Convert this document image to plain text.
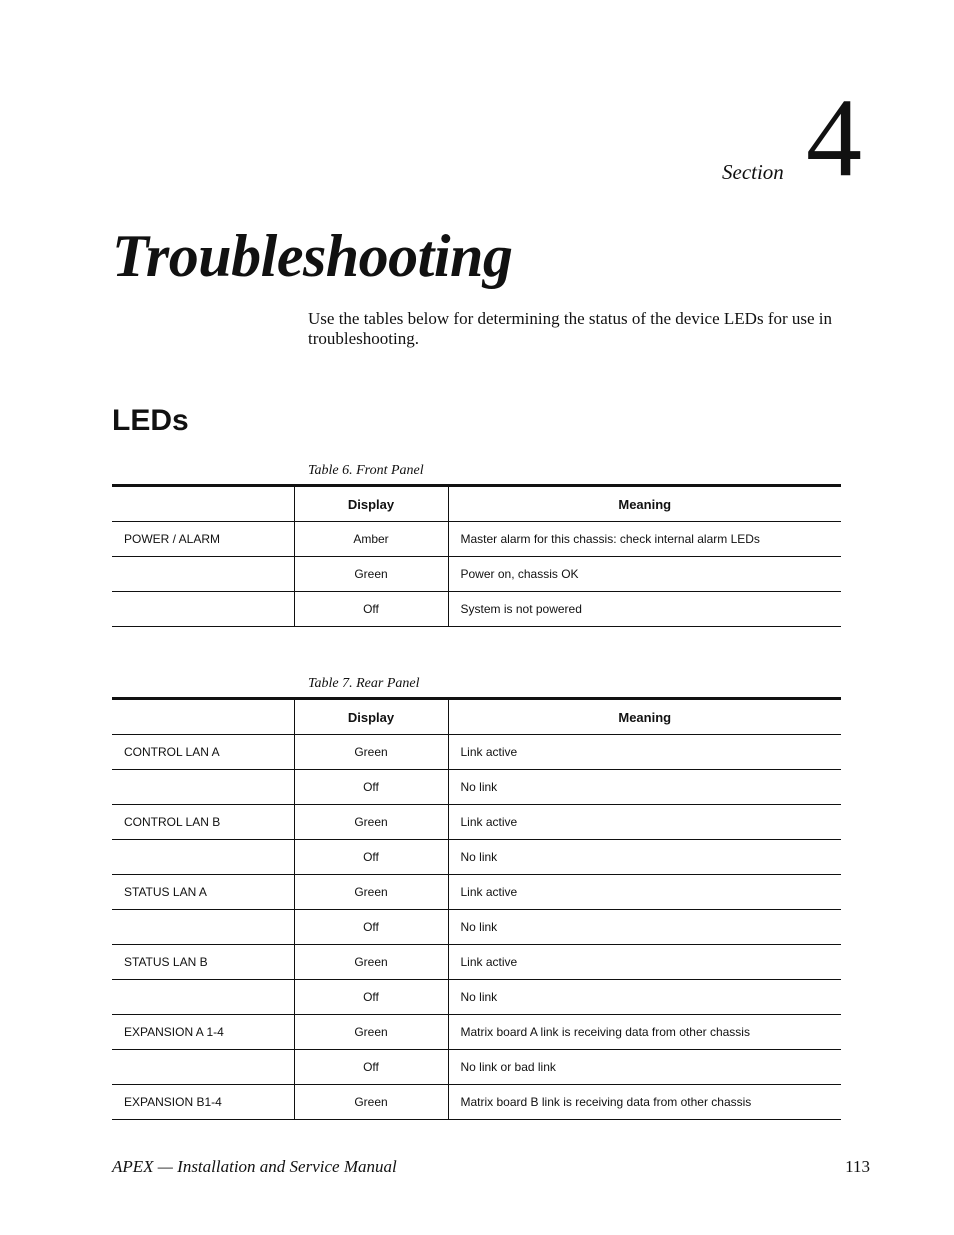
Section 4
Troubleshooting
Use the tables below for determining the status of the device LEDs for use in troubleshooting.
LEDs
Table 6. Front Panel
	Display	Meaning
POWER / ALARM	Amber	Master alarm for this chassis: check internal alarm LEDs
	Green	Power on, chassis OK
	Off	System is not powered
Table 7. Rear Panel
	Display	Meaning
CONTROL LAN A	Green	Link active
	Off	No link
CONTROL LAN B	Green	Link active
	Off	No link
STATUS LAN A	Green	Link active
	Off	No link
STATUS LAN B	Green	Link active
	Off	No link
EXPANSION A 1-4	Green	Matrix board A link is receiving data from other chassis
	Off	No link or bad link
EXPANSION B1-4	Green	Matrix board B link is receiving data from other chassis
APEX — Installation and Service Manual	113
